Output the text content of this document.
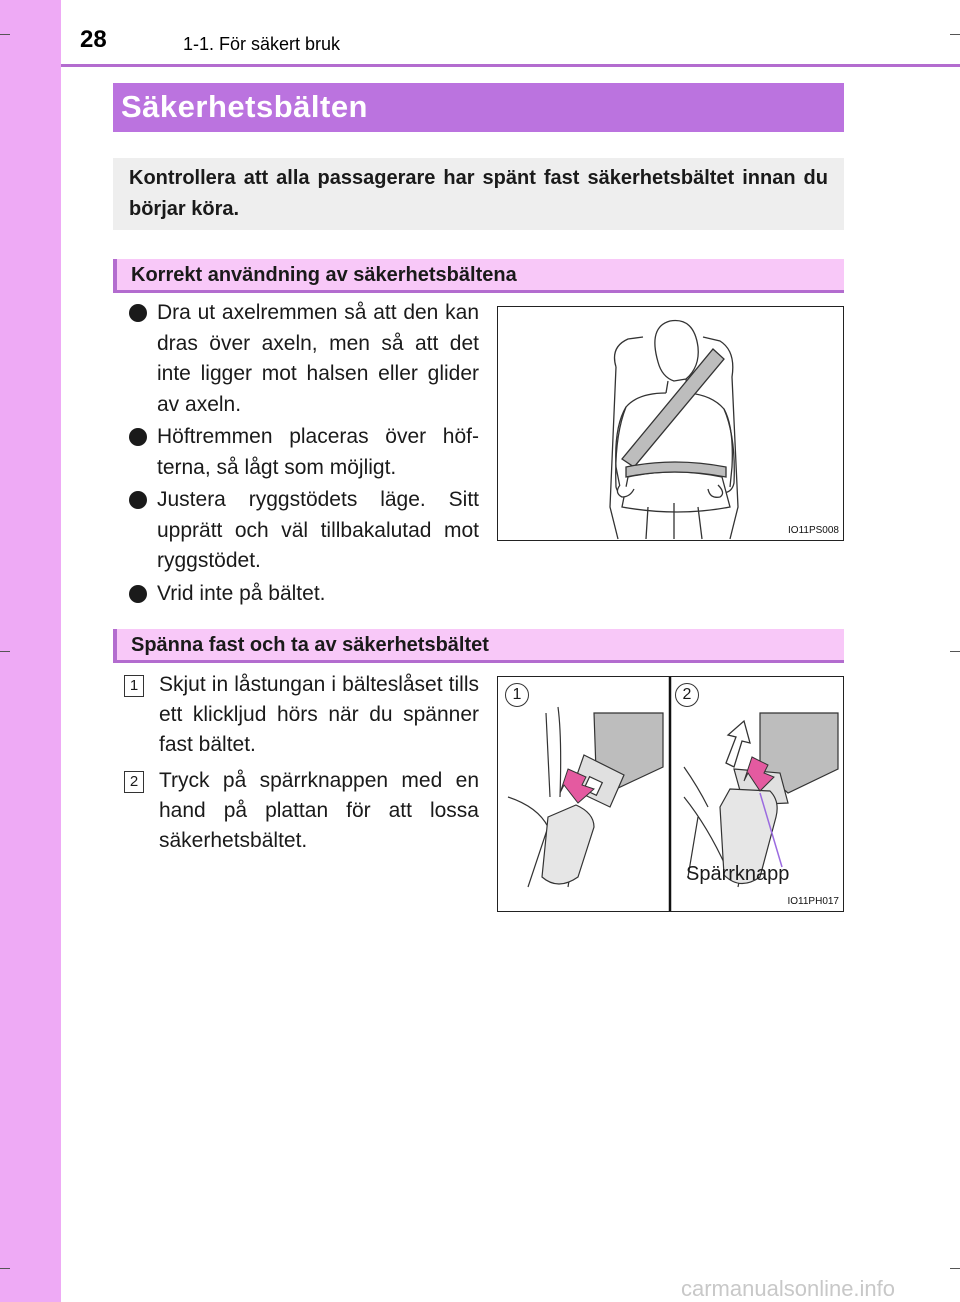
28	1-1. För säkert bruk
Säkerhetsbälten
Kontrollera att alla passagerare har spänt fast säkerhetsbältet innan du börjar köra.
Korrekt användning av säkerhetsbältena
Dra ut axelremmen så att den kan dras över axeln, men så att det inte ligger mot halsen eller glider av axeln.
Höftremmen placeras över höf-terna, så lågt som möjligt.
Justera ryggstödets läge. Sitt upprätt och väl tillbakalutad mot ryggstödet.
Vrid inte på bältet.
IO11PS008
Spänna fast och ta av säkerhetsbältet
1 Skjut in låstungan i bälteslåset tills ett klickljud hörs när du spänner fast bältet.
2 Tryck på spärrknappen med en hand på plattan för att lossa säkerhetsbältet.
1	2
Spärrknapp
IO11PH017
carmanualsonline.info
